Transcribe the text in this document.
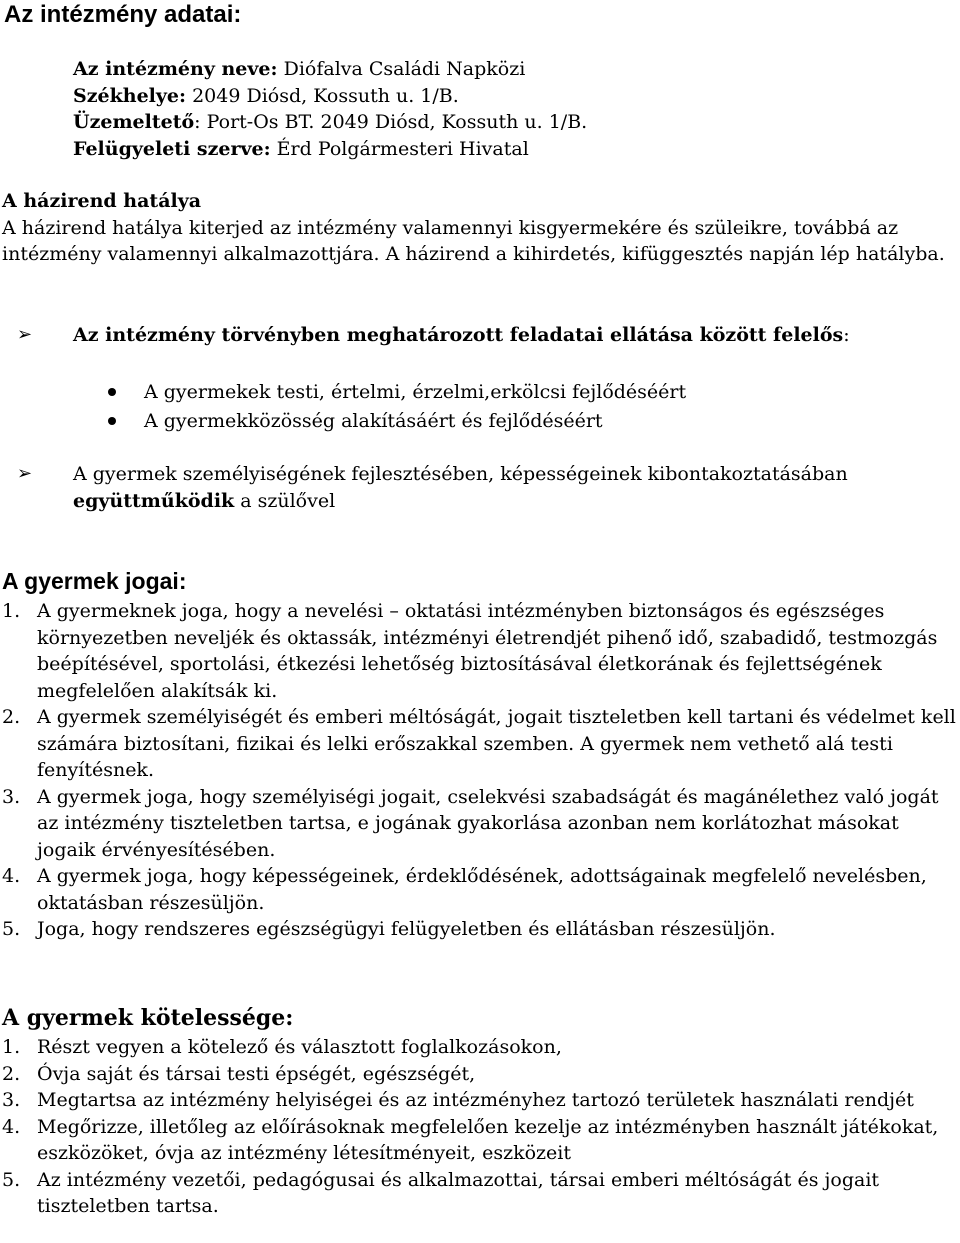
Az intézmény adatai:

Az intézmény neve: Diófalva Családi Napközi

Székhelye: 2049 Diósd, Kossuth u. 1/B.

Üzemeltető: Port-Os BT. 2049 Diósd, Kossuth u. 1/B.

Felügyeleti szerve: Érd Polgármesteri Hivatal

A házirend hatálya

A házirend hatálya kiterjed az intézmény valamennyi kisgyermekére és szüleikre, továbbá az intézmény valamennyi alkalmazottjára. A házirend a kihirdetés, kifüggesztés napján lép hatályba.

➢ Az intézmény törvényben meghatározott feladatai ellátása között felelős:

A gyermekek testi, értelmi, érzelmi,erkölcsi fejlődéséért
A gyermekközösség alakításáért és fejlődéséért
➢ A gyermek személyiségének fejlesztésében, képességeinek kibontakoztatásában

együttműködik a szülővel

A gyermek jogai:
1. A gyermeknek joga, hogy a nevelési – oktatási intézményben biztonságos és egészséges környezetben neveljék és oktassák, intézményi életrendjét pihenő idő, szabadidő, testmozgás beépítésével, sportolási, étkezési lehetőség biztosításával életkorának és fejlettségének megfelelően alakítsák ki.
2. A gyermek személyiségét és emberi méltóságát, jogait tiszteletben kell tartani és védelmet kell számára biztosítani, fizikai és lelki erőszakkal szemben. A gyermek nem vethető alá testi fenyítésnek.
3. A gyermek joga, hogy személyiségi jogait, cselekvési szabadságát és magánélethez való jogát az intézmény tiszteletben tartsa, e jogának gyakorlása azonban nem korlátozhat másokat jogaik érvényesítésében.
4. A gyermek joga, hogy képességeinek, érdeklődésének, adottságainak megfelelő nevelésben, oktatásban részesüljön.
5. Joga, hogy rendszeres egészségügyi felügyeletben és ellátásban részesüljön.
A gyermek kötelessége:
1. Részt vegyen a kötelező és választott foglalkozásokon,
2. Óvja saját és társai testi épségét, egészségét,
3. Megtartsa az intézmény helyiségei és az intézményhez tartozó területek használati rendjét
4. Megőrizze, illetőleg az előírásoknak megfelelően kezelje az intézményben használt játékokat, eszközöket, óvja az intézmény létesítményeit, eszközeit
5. Az intézmény vezetői, pedagógusai és alkalmazottai, társai emberi méltóságát és jogait tiszteletben tartsa.
